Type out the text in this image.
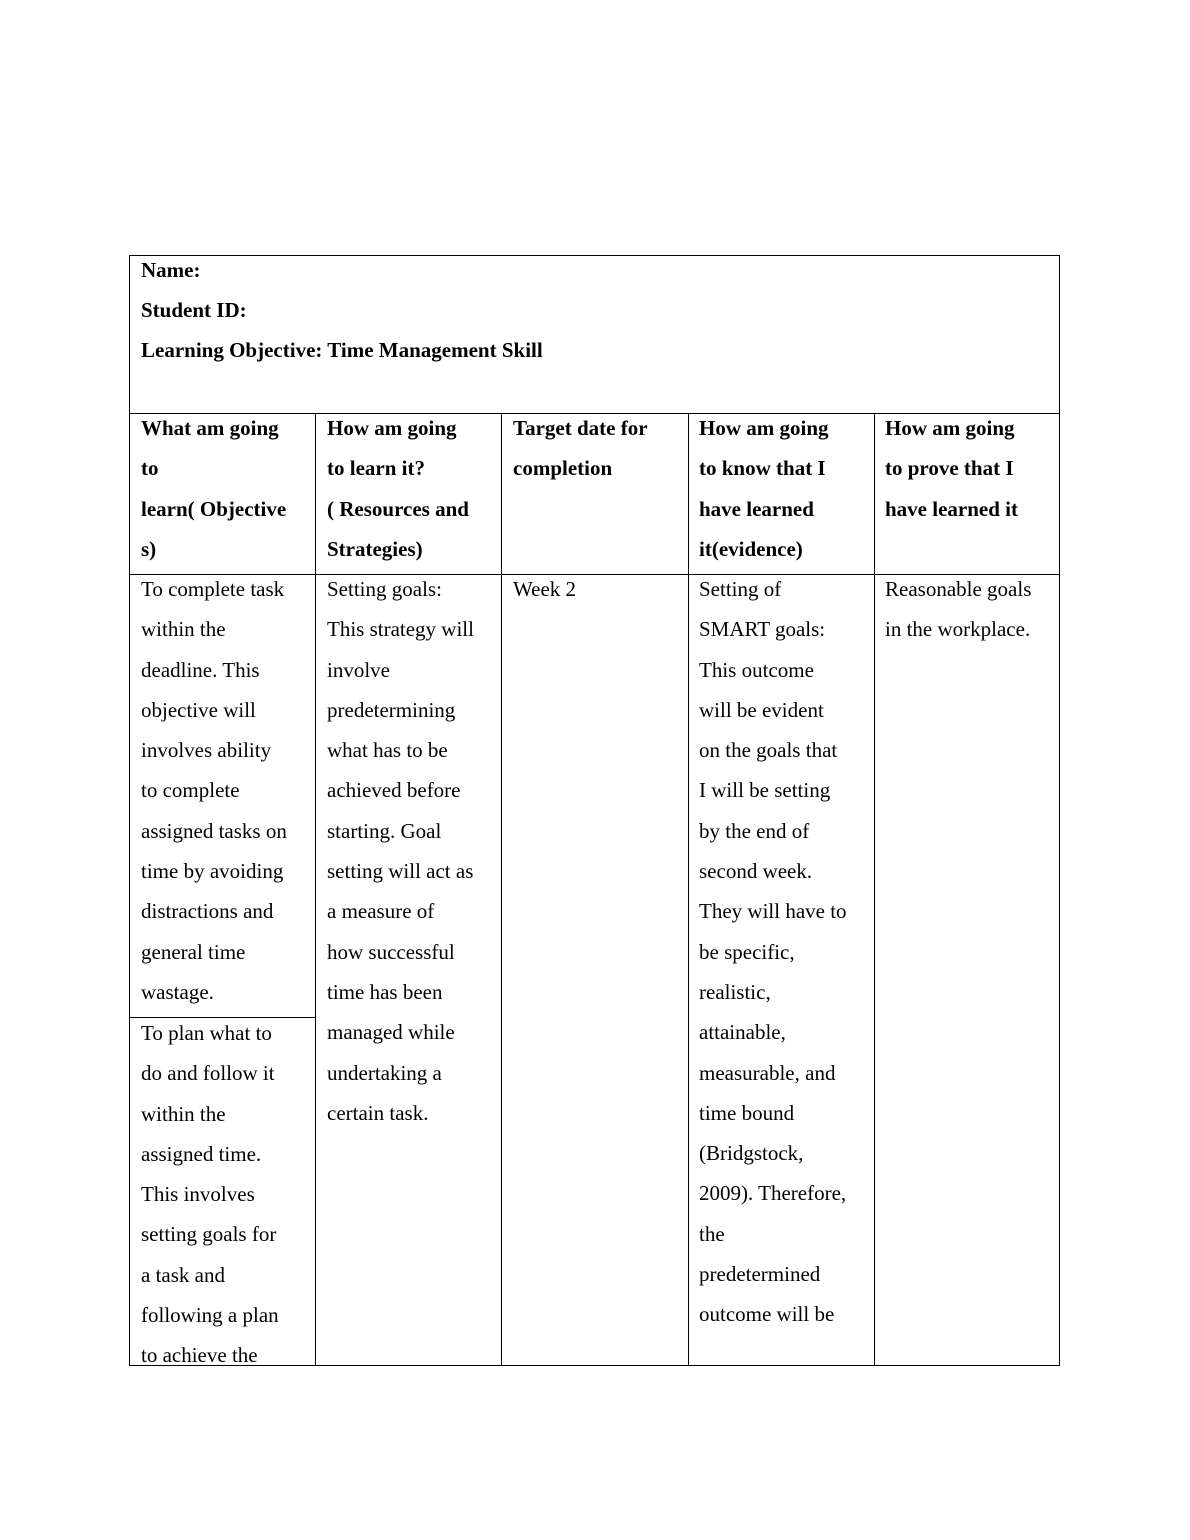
Name:
Student ID:
Learning Objective: Time Management Skill
What am going
to
learn( Objective
s)
How am going
to learn it?
( Resources and
Strategies)
Target date for
completion
How am going
to know that I
have learned
it(evidence)
How am going
to prove that I
have learned it
To complete task
within the
deadline. This
objective will
involves ability
to complete
assigned tasks on
time by avoiding
distractions and
general time
wastage.
To plan what to
do and follow it
within the
assigned time.
This involves
setting goals for
a task and
following a plan
to achieve the
Setting goals:
This strategy will
involve
predetermining
what has to be
achieved before
starting. Goal
setting will act as
a measure of
how successful
time has been
managed while
undertaking a
certain task.
Week 2	Setting of
SMART goals:
This outcome
will be evident
on the goals that
I will be setting
by the end of
second week.
They will have to
be specific,
realistic,
attainable,
measurable, and
time bound
(Bridgstock,
2009). Therefore,
the
predetermined
outcome will be
Reasonable goals
in the workplace.
